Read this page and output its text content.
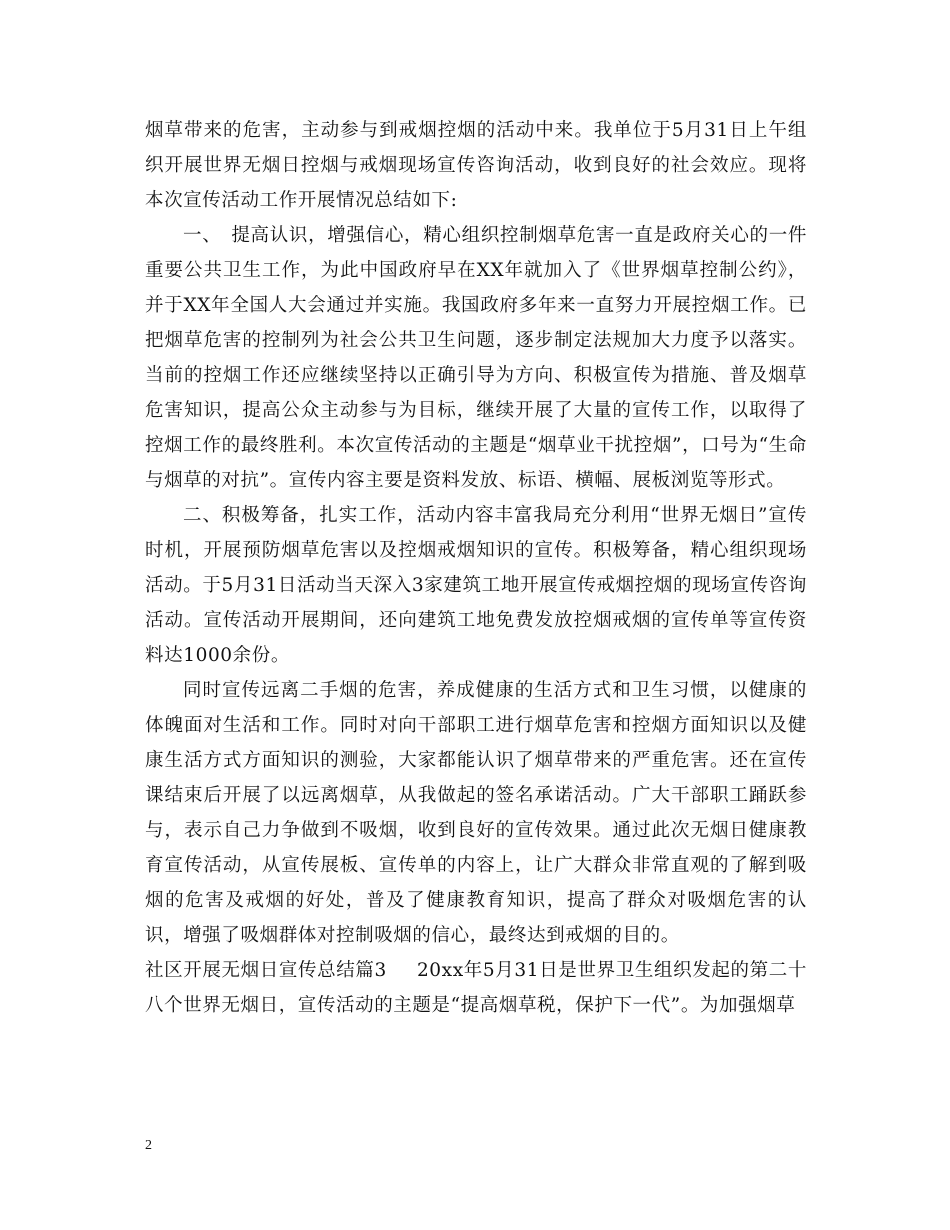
烟草带来的危害，主动参与到戒烟控烟的活动中来。我单位于5月31日上午组织开展世界无烟日控烟与戒烟现场宣传咨询活动，收到良好的社会效应。现将本次宣传活动工作开展情况总结如下:

一、　提高认识，增强信心，精心组织控制烟草危害一直是政府关心的一件重要公共卫生工作，为此中国政府早在XX年就加入了《世界烟草控制公约》，并于XX年全国人大会通过并实施。我国政府多年来一直努力开展控烟工作。已把烟草危害的控制列为社会公共卫生问题，逐步制定法规加大力度予以落实。当前的控烟工作还应继续坚持以正确引导为方向、积极宣传为措施、普及烟草危害知识，提高公众主动参与为目标，继续开展了大量的宣传工作，以取得了控烟工作的最终胜利。本次宣传活动的主题是“烟草业干扰控烟”，口号为“生命与烟草的对抗”。宣传内容主要是资料发放、标语、横幅、展板浏览等形式。

二、积极筹备，扎实工作，活动内容丰富我局充分利用“世界无烟日”宣传时机，开展预防烟草危害以及控烟戒烟知识的宣传。积极筹备，精心组织现场活动。于5月31日活动当天深入3家建筑工地开展宣传戒烟控烟的现场宣传咨询活动。宣传活动开展期间，还向建筑工地免费发放控烟戒烟的宣传单等宣传资料达1000余份。

同时宣传远离二手烟的危害，养成健康的生活方式和卫生习惯，以健康的体魄面对生活和工作。同时对向干部职工进行烟草危害和控烟方面知识以及健康生活方式方面知识的测验，大家都能认识了烟草带来的严重危害。还在宣传课结束后开展了以远离烟草，从我做起的签名承诺活动。广大干部职工踊跃参与，表示自己力争做到不吸烟，收到良好的宣传效果。通过此次无烟日健康教育宣传活动，从宣传展板、宣传单的内容上，让广大群众非常直观的了解到吸烟的危害及戒烟的好处，普及了健康教育知识，提高了群众对吸烟危害的认识，增强了吸烟群体对控制吸烟的信心，最终达到戒烟的目的。

社区开展无烟日宣传总结篇3 20xx年5月31日是世界卫生组织发起的第二十八个世界无烟日，宣传活动的主题是“提高烟草税，保护下一代”。为加强烟草

2
